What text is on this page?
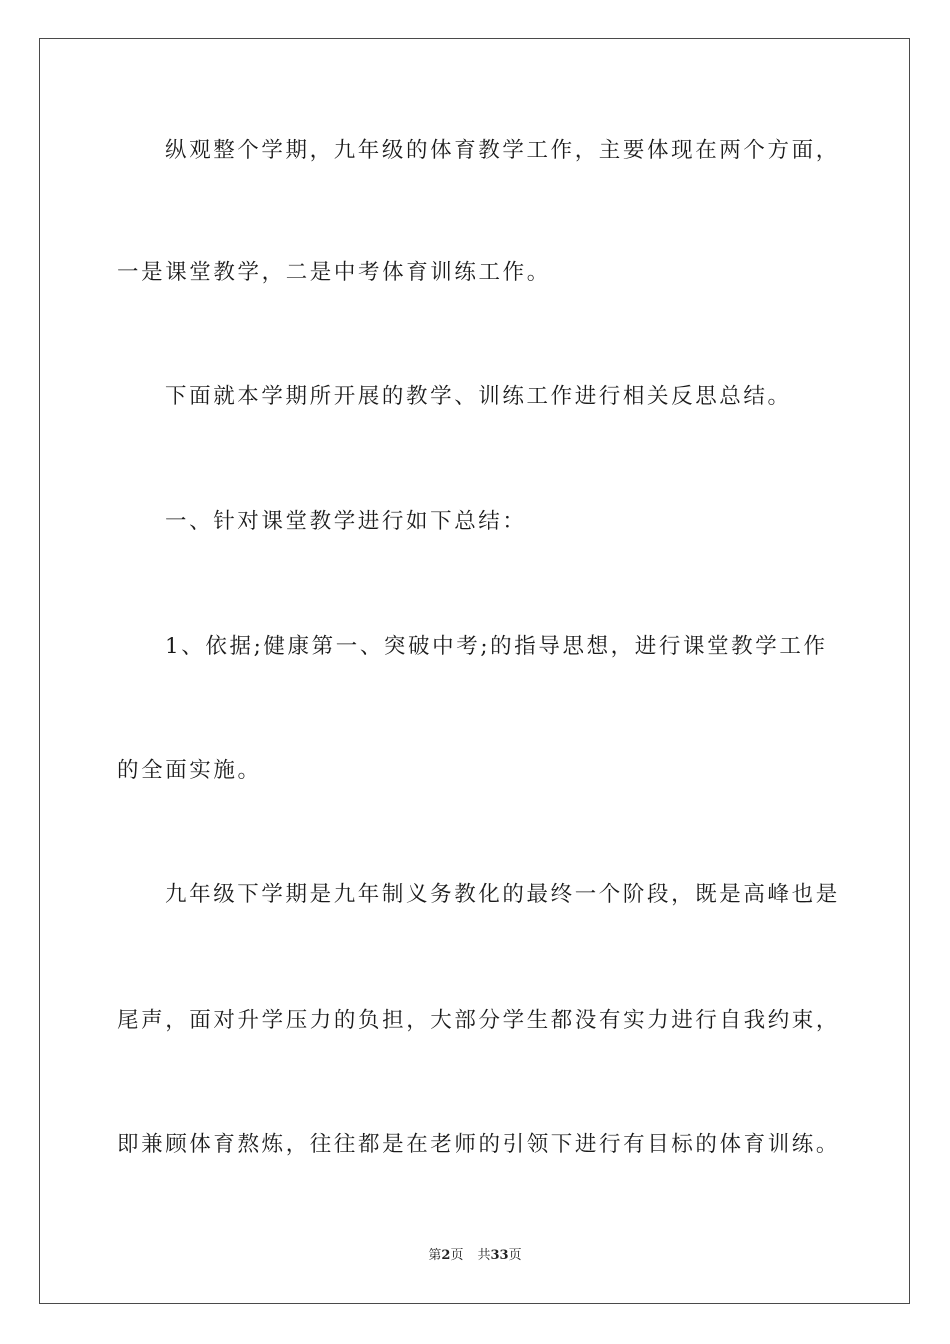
纵观整个学期，九年级的体育教学工作，主要体现在两个方面，
一是课堂教学，二是中考体育训练工作。
下面就本学期所开展的教学、训练工作进行相关反思总结。
一、针对课堂教学进行如下总结：
1、依据;健康第一、突破中考;的指导思想，进行课堂教学工作
的全面实施。
九年级下学期是九年制义务教化的最终一个阶段，既是高峰也是
尾声，面对升学压力的负担，大部分学生都没有实力进行自我约束，
即兼顾体育熬炼，往往都是在老师的引领下进行有目标的体育训练。
第2页 共33页
